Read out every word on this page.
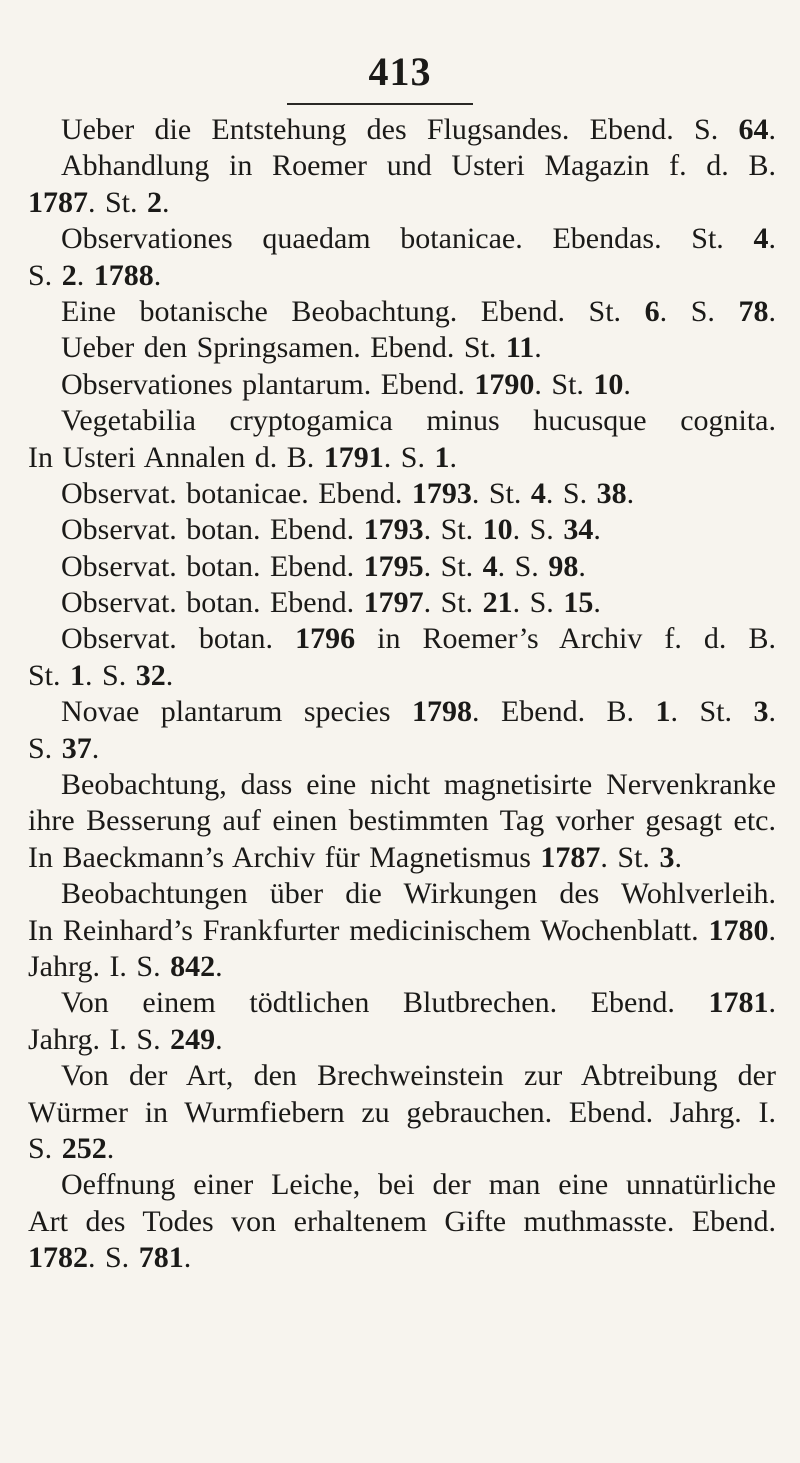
413
Ueber die Entstehung des Flugsandes. Ebend. S. 64.
Abhandlung in Roemer und Usteri Magazin f. d. B.
1787. St. 2.
Observationes quaedam botanicae. Ebendas. St. 4.
S. 2. 1788.
Eine botanische Beobachtung. Ebend. St. 6. S. 78.
Ueber den Springsamen. Ebend. St. 11.
Observationes plantarum. Ebend. 1790. St. 10.
Vegetabilia cryptogamica minus hucusque cognita.
In Usteri Annalen d. B. 1791. S. 1.
Observat. botanicae. Ebend. 1793. St. 4. S. 38.
Observat. botan. Ebend. 1793. St. 10. S. 34.
Observat. botan. Ebend. 1795. St. 4. S. 98.
Observat. botan. Ebend. 1797. St. 21. S. 15.
Observat. botan. 1796 in Roemer’s Archiv f. d. B.
St. 1. S. 32.
Novae plantarum species 1798. Ebend. B. 1. St. 3.
S. 37.
Beobachtung, dass eine nicht magnetisirte Nervenkranke
ihre Besserung auf einen bestimmten Tag vorher gesagt etc.
In Baeckmann’s Archiv für Magnetismus 1787. St. 3.
Beobachtungen über die Wirkungen des Wohlverleih.
In Reinhard’s Frankfurter medicinischem Wochenblatt. 1780.
Jahrg. I. S. 842.
Von einem tödtlichen Blutbrechen. Ebend. 1781.
Jahrg. I. S. 249.
Von der Art, den Brechweinstein zur Abtreibung der
Würmer in Wurmfiebern zu gebrauchen. Ebend. Jahrg. I.
S. 252.
Oeffnung einer Leiche, bei der man eine unnatürliche
Art des Todes von erhaltenem Gifte muthmasste. Ebend.
1782. S. 781.
